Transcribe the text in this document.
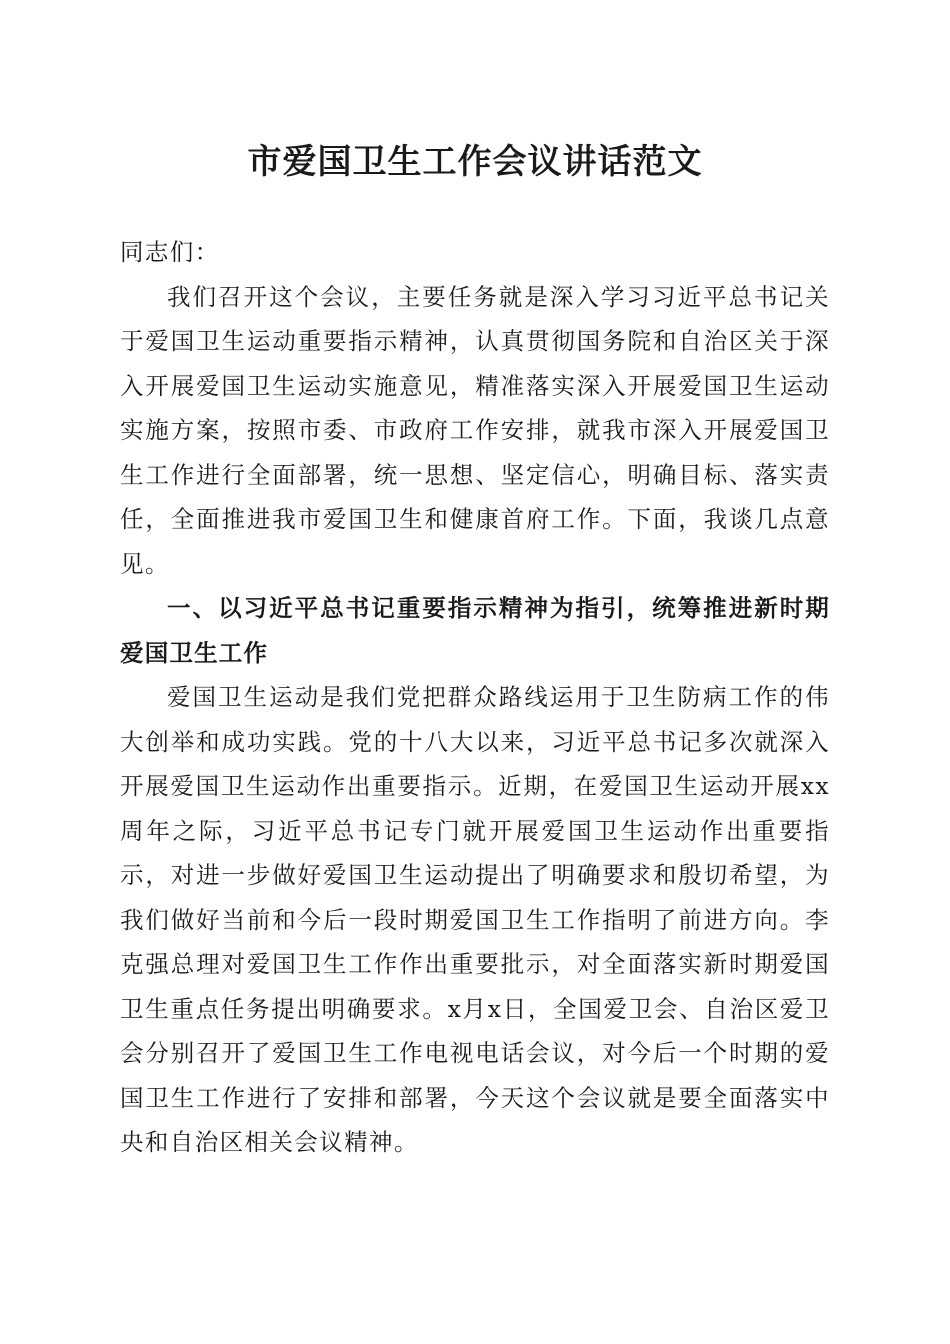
市爱国卫生工作会议讲话范文

同志们：

我们召开这个会议，主要任务就是深入学习习近平总书记关于爱国卫生运动重要指示精神，认真贯彻国务院和自治区关于深入开展爱国卫生运动实施意见，精准落实深入开展爱国卫生运动实施方案，按照市委、市政府工作安排，就我市深入开展爱国卫生工作进行全面部署，统一思想、坚定信心，明确目标、落实责任，全面推进我市爱国卫生和健康首府工作。下面，我谈几点意见。

一、以习近平总书记重要指示精神为指引，统筹推进新时期爱国卫生工作

爱国卫生运动是我们党把群众路线运用于卫生防病工作的伟大创举和成功实践。党的十八大以来，习近平总书记多次就深入开展爱国卫生运动作出重要指示。近期，在爱国卫生运动开展xx周年之际，习近平总书记专门就开展爱国卫生运动作出重要指示，对进一步做好爱国卫生运动提出了明确要求和殷切希望，为我们做好当前和今后一段时期爱国卫生工作指明了前进方向。李克强总理对爱国卫生工作作出重要批示，对全面落实新时期爱国卫生重点任务提出明确要求。x月x日，全国爱卫会、自治区爱卫会分别召开了爱国卫生工作电视电话会议，对今后一个时期的爱国卫生工作进行了安排和部署，今天这个会议就是要全面落实中央和自治区相关会议精神。
